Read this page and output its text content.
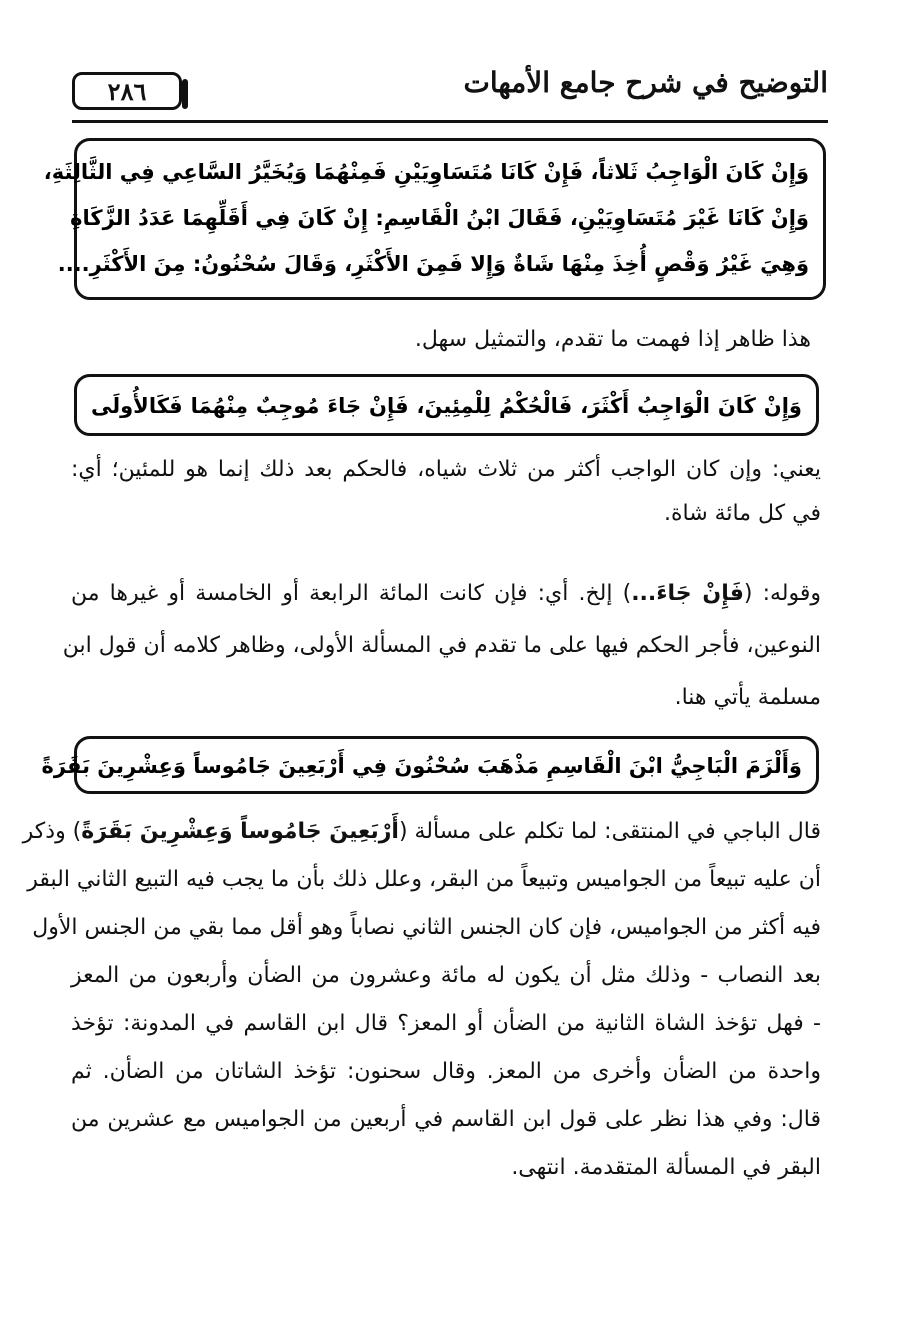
التوضيح في شرح جامع الأمهات
٢٨٦
وَإِنْ كَانَ الْوَاجِبُ ثَلاثاً، فَإِنْ كَانَا مُتَسَاوِيَيْنِ فَمِنْهُمَا وَيُخَيَّرُ السَّاعِي فِي الثَّالِثَةِ،
وَإِنْ كَانَا غَيْرَ مُتَسَاوِيَيْنِ، فَقَالَ ابْنُ الْقَاسِمِ: إِنْ كَانَ فِي أَقَلِّهِمَا عَدَدُ الزَّكَاةِ
وَهِيَ غَيْرُ وَقْصٍ أُخِذَ مِنْهَا شَاةٌ وَإِلا فَمِنَ الأَكْثَرِ، وَقَالَ سُحْنُونُ: مِنَ الأَكْثَرِ....
هذا ظاهر إذا فهمت ما تقدم، والتمثيل سهل.
وَإِنْ كَانَ الْوَاجِبُ أَكْثَرَ، فَالْحُكْمُ لِلْمِئِينَ، فَإِنْ جَاءَ مُوجِبٌ مِنْهُمَا فَكَالأُولَى
يعني: وإن كان الواجب أكثر من ثلاث شياه، فالحكم بعد ذلك إنما هو للمئين؛ أي:
في كل مائة شاة.
وقوله: (فَإِنْ جَاءَ...) إلخ. أي: فإن كانت المائة الرابعة أو الخامسة أو غيرها من
النوعين، فأجر الحكم فيها على ما تقدم في المسألة الأولى، وظاهر كلامه أن قول ابن
مسلمة يأتي هنا.
وَأَلْزَمَ الْبَاجِيُّ ابْنَ الْقَاسِمِ مَذْهَبَ سُحْنُونَ فِي أَرْبَعِينَ جَامُوساً وَعِشْرِينَ بَقَرَةً
قال الباجي في المنتقى: لما تكلم على مسألة (أَرْبَعِينَ جَامُوساً وَعِشْرِينَ بَقَرَةً) وذكر
أن عليه تبيعاً من الجواميس وتبيعاً من البقر، وعلل ذلك بأن ما يجب فيه التبيع الثاني البقر
فيه أكثر من الجواميس، فإن كان الجنس الثاني نصاباً وهو أقل مما بقي من الجنس الأول
بعد النصاب - وذلك مثل أن يكون له مائة وعشرون من الضأن وأربعون من المعز
- فهل تؤخذ الشاة الثانية من الضأن أو المعز؟ قال ابن القاسم في المدونة: تؤخذ
واحدة من الضأن وأخرى من المعز. وقال سحنون: تؤخذ الشاتان من الضأن. ثم
قال: وفي هذا نظر على قول ابن القاسم في أربعين من الجواميس مع عشرين من
البقر في المسألة المتقدمة. انتهى.
